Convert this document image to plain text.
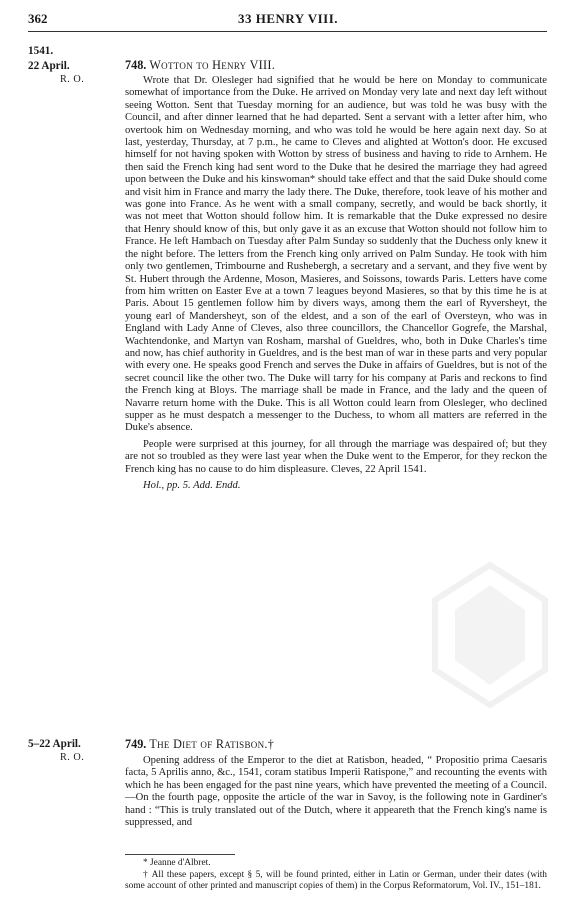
362	33 HENRY VIII.
1541.
22 April.
R. O.
748. Wotton to Henry VIII.

Wrote that Dr. Olesleger had signified that he would be here on Monday to communicate somewhat of importance from the Duke. He arrived on Monday very late and next day left without seeing Wotton. Sent that Tuesday morning for an audience, but was told he was busy with the Council, and after dinner learned that he had departed. Sent a servant with a letter after him, who overtook him on Wednesday morning, and who was told he would be here again next day. So at last, yesterday, Thursday, at 7 p.m., he came to Cleves and alighted at Wotton's door. He excused himself for not having spoken with Wotton by stress of business and having to ride to Arnhem. He then said the French king had sent word to the Duke that he desired the marriage they had agreed upon between the Duke and his kinswoman* should take effect and that the said Duke should come and visit him in France and marry the lady there. The Duke, therefore, took leave of his mother and was gone into France. As he went with a small company, secretly, and would be back shortly, it was not meet that Wotton should follow him. It is remarkable that the Duke expressed no desire that Henry should know of this, but only gave it as an excuse that Wotton should not follow him to France. He left Hambach on Tuesday after Palm Sunday so suddenly that the Duchess only knew it the night before. The letters from the French king only arrived on Palm Sunday. He took with him only two gentlemen, Trimbourne and Rushebergh, a secretary and a servant, and they five went by St. Hubert through the Ardenne, Moson, Masieres, and Soissons, towards Paris. Letters have come from him written on Easter Eve at a town 7 leagues beyond Masieres, so that by this time he is at Paris. About 15 gentlemen follow him by divers ways, among them the earl of Ryvershеyt, the young earl of Mandersheyt, son of the eldest, and a son of the earl of Oversteyn, who was in England with Lady Anne of Cleves, also three councillors, the Chancellor Gogrefe, the Marshal, Wachtendonke, and Martyn van Rosham, marshal of Gueldres, who, both in Duke Charles's time and now, has chief authority in Gueldres, and is the best man of war in these parts and very popular with every one. He speaks good French and serves the Duke in affairs of Gueldres, but is not of the secret council like the other two. The Duke will tarry for his company at Paris and reckons to find the French king at Bloys. The marriage shall be made in France, and the lady and the queen of Navarre return home with the Duke. This is all Wotton could learn from Olesleger, who declined supper as he must despatch a messenger to the Duchess, to whom all matters are referred in the Duke's absence.

People were surprised at this journey, for all through the marriage was despaired of; but they are not so troubled as they were last year when the Duke went to the Emperor, for they reckon the French king has no cause to do him displeasure. Cleves, 22 April 1541.

Hol., pp. 5. Add. Endd.

5–22 April.
R. O.
749. The Diet of Ratisbon.†

Opening address of the Emperor to the diet at Ratisbon, headed, “ Propositio prima Caesaris facta, 5 Aprilis anno, &c., 1541, coram statibus Imperii Ratispone,” and recounting the events with which he has been engaged for the past nine years, which have prevented the meeting of a Council.—On the fourth page, opposite the article of the war in Savoy, is the following note in Gardiner's hand : “This is truly translated out of the Dutch, where it appeareth that the French king's name is suppressed, and

* Jeanne d'Albret.
† All these papers, except § 5, will be found printed, either in Latin or German, under their dates (with some account of other printed and manuscript copies of them) in the Corpus Reformatorum, Vol. IV., 151–181.
